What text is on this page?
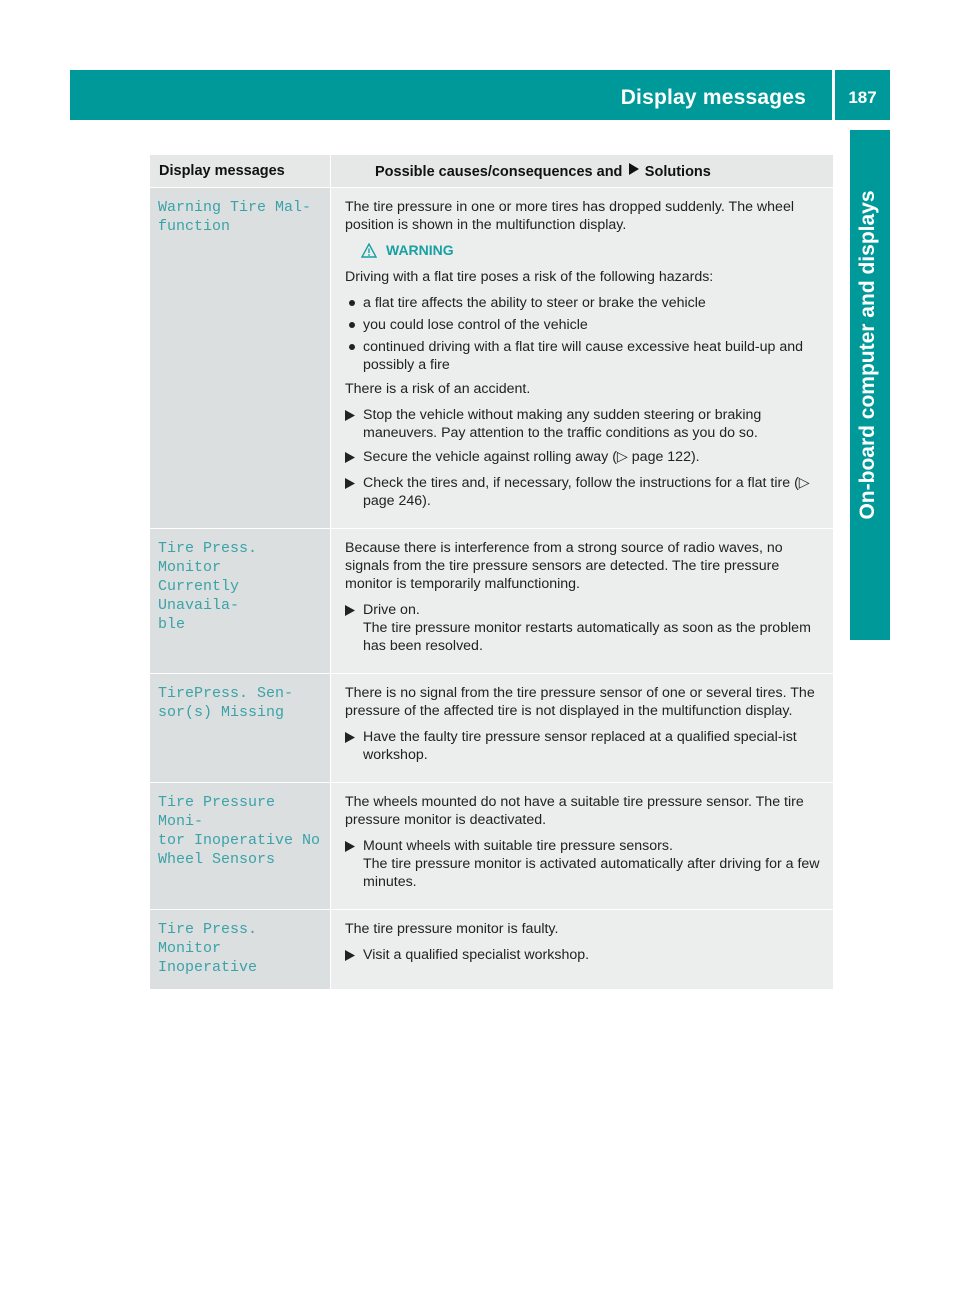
Display messages	187
On-board computer and displays
Display messages	Possible causes/consequences and Solutions
Warning Tire Mal‐
function

The tire pressure in one or more tires has dropped suddenly. The wheel position is shown in the multifunction display.

WARNING

Driving with a flat tire poses a risk of the following hazards:

a flat tire affects the ability to steer or brake the vehicle
you could lose control of the vehicle
continued driving with a flat tire will cause excessive heat build-up and possibly a fire

There is a risk of an accident.

Stop the vehicle without making any sudden steering or braking maneuvers. Pay attention to the traffic conditions as you do so.
Secure the vehicle against rolling away (▷ page 122).
Check the tires and, if necessary, follow the instructions for a flat tire (▷ page 246).
Tire Press. Monitor
Currently Unavaila‐
ble

Because there is interference from a strong source of radio waves, no signals from the tire pressure sensors are detected. The tire pressure monitor is temporarily malfunctioning.

Drive on.
The tire pressure monitor restarts automatically as soon as the problem has been resolved.
TirePress. Sen‐
sor(s) Missing

There is no signal from the tire pressure sensor of one or several tires. The pressure of the affected tire is not displayed in the multifunction display.

Have the faulty tire pressure sensor replaced at a qualified special-ist workshop.
Tire Pressure Moni‐
tor Inoperative No
Wheel Sensors

The wheels mounted do not have a suitable tire pressure sensor. The tire pressure monitor is deactivated.

Mount wheels with suitable tire pressure sensors.
The tire pressure monitor is activated automatically after driving for a few minutes.
Tire Press. Monitor
Inoperative

The tire pressure monitor is faulty.

Visit a qualified specialist workshop.
